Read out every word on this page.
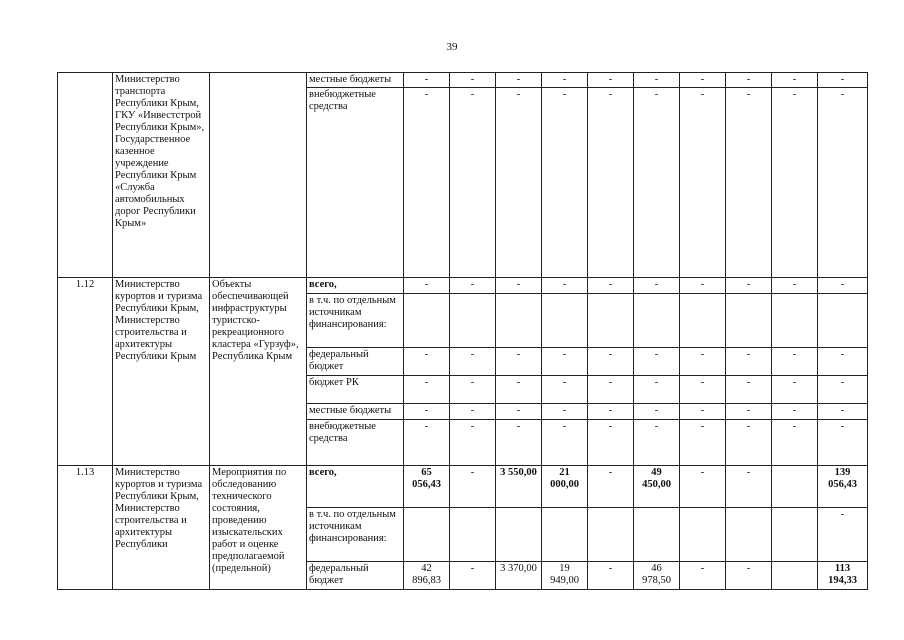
39
	Министерство транспорта Республики Крым, ГКУ «Инвестстрой Республики Крым», Государственное казенное учреждение Республики Крым «Служба автомобильных дорог Республики Крым»		местные бюджеты	-	-	-	-	-	-	-	-	-	-
			внебюджетные средства	-	-	-	-	-	-	-	-	-	-
1.12	Министерство курортов и туризма Республики Крым, Министерство строительства и архитектуры Республики Крым	Объекты обеспечивающей инфраструктуры туристско-рекреационного кластера «Гурзуф», Республика Крым	всего,	-	-	-	-	-	-	-	-	-	-
			в т.ч. по отдельным источникам финансирования:										
			федеральный бюджет	-	-	-	-	-	-	-	-	-	-
			бюджет РК	-	-	-	-	-	-	-	-	-	-
			местные бюджеты	-	-	-	-	-	-	-	-	-	-
			внебюджетные средства	-	-	-	-	-	-	-	-	-	-
1.13	Министерство курортов и туризма Республики Крым, Министерство строительства и архитектуры Республики	Мероприятия по обследованию технического состояния, проведению изыскательских работ и оценке предполагаемой (предельной)	всего,	65 056,43	-	3 550,00	21 000,00	-	49 450,00	-	-		139 056,43
			в т.ч. по отдельным источникам финансирования:										-
			федеральный бюджет	42 896,83	-	3 370,00	19 949,00	-	46 978,50	-	-		113 194,33
